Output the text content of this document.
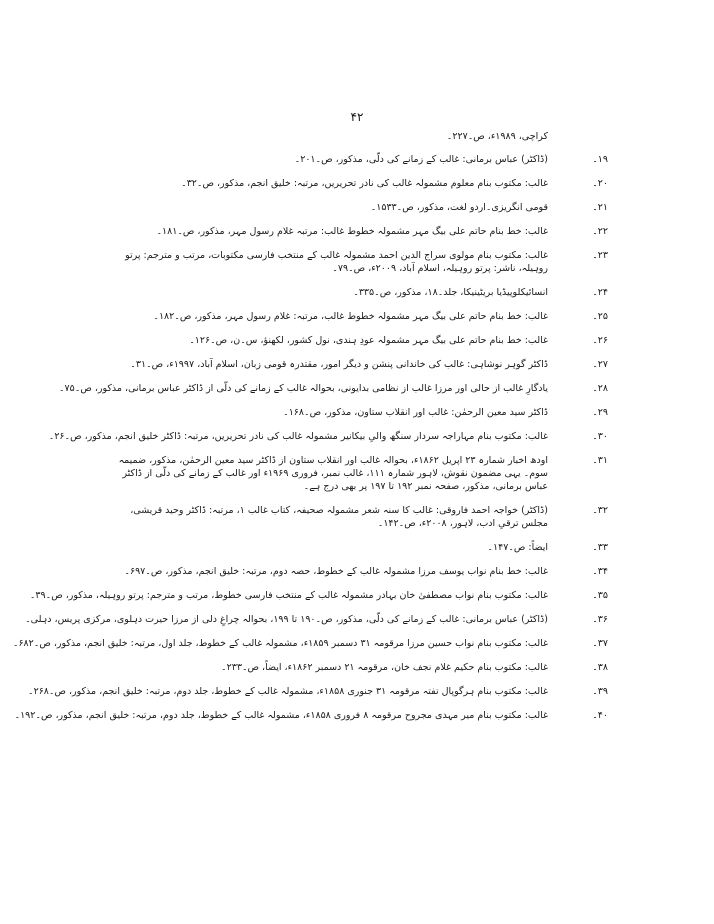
۴۲
کراچی، ۱۹۸۹ء، ص۔۲۲۷۔
۱۹۔
(ڈاکٹر) عباس برمانی: غالب کے زمانے کی دلّی، مذکور، ص۔۲۰۱۔
۲۰۔
غالب: مکتوب بنام معلوم مشمولہ غالب کی نادر تحریریں، مرتبہ: خلیق انجم، مذکور، ص۔۳۲۔
۲۱۔
قومی انگریزی۔اردو لغت، مذکور، ص۔۱۵۳۳۔
۲۲۔
غالب: خط بنام حاتم علی بیگ مہر مشمولہ خطوط غالب: مرتبہ غلام رسول مہر، مذکور، ص۔۱۸۱۔
۲۳۔
غالب: مکتوب بنام مولوی سراج الدین احمد مشمولہ غالب کے منتخب فارسی مکتوبات، مرتب و مترجم: پرتو روہیلہ، ناشر: پرتو روہیلہ، اسلام آباد، ۲۰۰۹ء، ص۔۷۹۔
۲۴۔
انسائیکلوپیڈیا بریٹینیکا، جلد۔۱۸، مذکور، ص۔۳۳۵۔
۲۵۔
غالب: خط بنام حاتم علی بیگ مہر مشمولہ خطوط غالب، مرتبہ: غلام رسول مہر، مذکور، ص۔۱۸۲۔
۲۶۔
غالب: خط بنام حاتم علی بیگ مہر مشمولہ عودِ ہندی، نول کشور، لکھنؤ، س۔ن، ص۔۱۲۶۔
۲۷۔
ڈاکٹر گوہر نوشاہی: غالب کی خاندانی پنشن و دیگر امور، مقتدرہ قومی زبان، اسلام آباد، ۱۹۹۷ء، ص۔۳۱۔
۲۸۔
یادگارِ غالب از حالی اور مرزا غالب از نظامی بدایونی، بحوالہ غالب کے زمانے کی دلّی از ڈاکٹر عباس برمانی، مذکور، ص۔۷۵۔
۲۹۔
ڈاکٹر سید معین الرحمٰن: غالب اور انقلاب ستاون، مذکور، ص۔۱۶۸۔
۳۰۔
غالب: مکتوب بنام مہاراجہ سردار سنگھ والیِ بیکانیر مشمولہ غالب کی نادر تحریریں، مرتبہ: ڈاکٹر خلیق انجم، مذکور، ص۔۲۶۔
۳۱۔
اودھ اخبار شمارہ ۲۳ اپریل ۱۸۶۲ء، بحوالہ غالب اور انقلاب ستاون از ڈاکٹر سید معین الرحمٰن، مذکور، ضمیمہ سوم۔ یہی مضمون نقوش، لاہور شمارہ ۱۱۱، غالب نمبر، فروری ۱۹۶۹ء اور غالب کے زمانے کی دلّی از ڈاکٹر عباس برمانی، مذکور، صفحہ نمبر ۱۹۲ تا ۱۹۷ پر بھی درج ہے۔
۳۲۔
(ڈاکٹر) خواجہ احمد فاروقی: غالب کا سنہ شعر مشمولہ صحیفہ، کتاب غالب ۱، مرتبہ: ڈاکٹر وحید قریشی، مجلس ترقیِ ادب، لاہور، ۲۰۰۸ء، ص۔۱۴۲۔
۳۳۔
ایضاً: ص۔۱۴۷۔
۳۴۔
غالب: خط بنام نواب یوسف مرزا مشمولہ غالب کے خطوط، حصہ دوم، مرتبہ: خلیق انجم، مذکور، ص۔۶۹۷۔
۳۵۔
غالب: مکتوب بنام نواب مصطفیٰ خان بہادر مشمولہ غالب کے منتخب فارسی خطوط، مرتب و مترجم: پرتو روہیلہ، مذکور، ص۔۳۹۔
۳۶۔
(ڈاکٹر) عباس برمانی: غالب کے زمانے کی دلّی، مذکور، ص۔۱۹۰ تا ۱۹۹، بحوالہ چراغِ دلی از مرزا حیرت دہلوی، مرکزی پریس، دہلی۔
۳۷۔
غالب: مکتوب بنام نواب حسین مرزا مرقومہ ۳۱ دسمبر ۱۸۵۹ء، مشمولہ غالب کے خطوط، جلد اول، مرتبہ: خلیق انجم، مذکور، ص۔۶۸۲۔
۳۸۔
غالب: مکتوب بنام حکیم غلام نجف خان، مرقومہ ۲۱ دسمبر ۱۸۶۲ء، ایضاً، ص۔۲۳۳۔
۳۹۔
غالب: مکتوب بنام ہرگوپال تفتہ مرقومہ ۳۱ جنوری ۱۸۵۸ء، مشمولہ غالب کے خطوط، جلد دوم، مرتبہ: خلیق انجم، مذکور، ص۔۲۶۸۔
۴۰۔
غالب: مکتوب بنام میر مہدی مجروح مرقومہ ۸ فروری ۱۸۵۸ء، مشمولہ غالب کے خطوط، جلد دوم، مرتبہ: خلیق انجم، مذکور، ص۔۱۹۲۔
